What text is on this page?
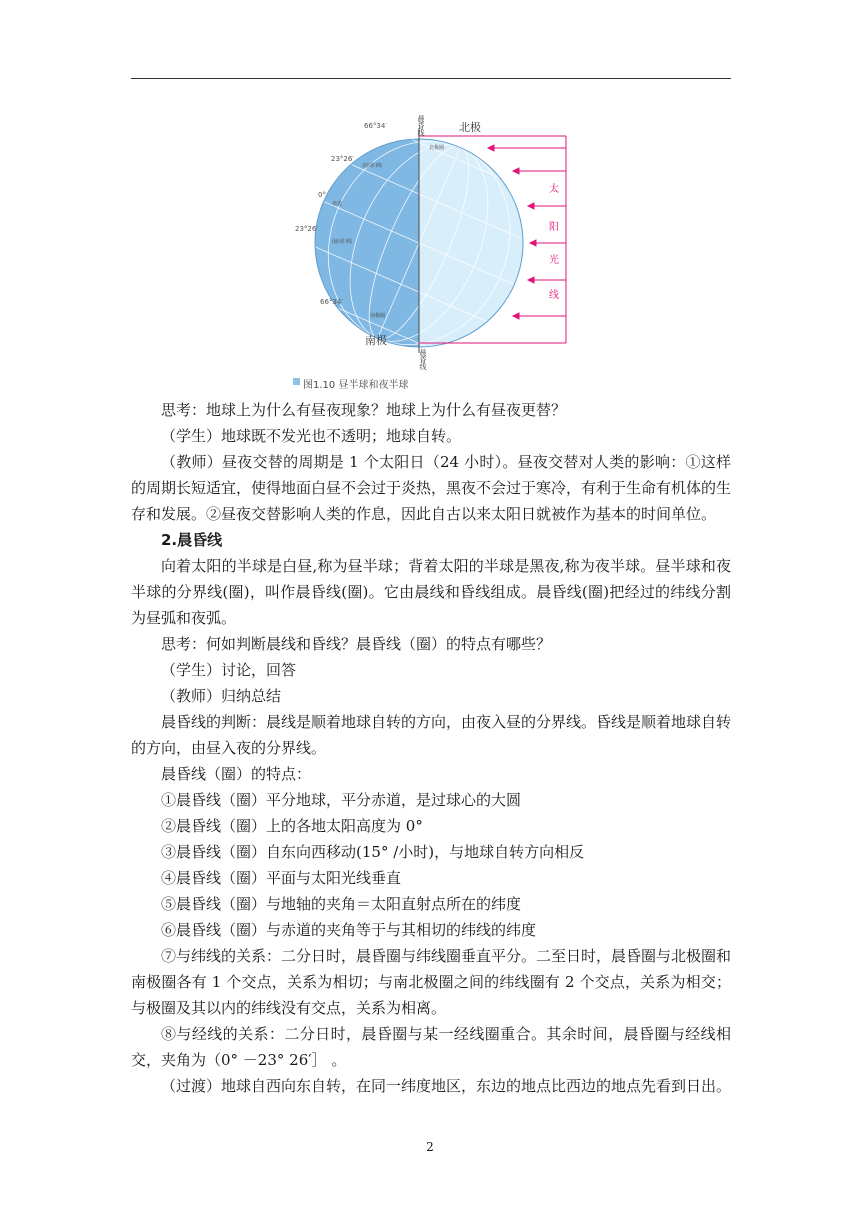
太
阳
光
线
北极
南极
晨昏线
晨昏线
66°34′
23°26′
0°
23°26′
66°34′
北极圈
北回归线
赤道
南回归线
南极圈
图1.10 昼半球和夜半球

思考：地球上为什么有昼夜现象？地球上为什么有昼夜更替？

（学生）地球既不发光也不透明；地球自转。

（教师）昼夜交替的周期是 1 个太阳日（24 小时）。昼夜交替对人类的影响：①这样的周期长短适宜，使得地面白昼不会过于炎热，黑夜不会过于寒冷，有利于生命有机体的生存和发展。②昼夜交替影响人类的作息，因此自古以来太阳日就被作为基本的时间单位。

2.晨昏线

向着太阳的半球是白昼,称为昼半球；背着太阳的半球是黑夜,称为夜半球。昼半球和夜半球的分界线(圈)，叫作晨昏线(圈)。它由晨线和昏线组成。晨昏线(圈)把经过的纬线分割为昼弧和夜弧。

思考：何如判断晨线和昏线？晨昏线（圈）的特点有哪些？

（学生）讨论，回答

（教师）归纳总结

晨昏线的判断：晨线是顺着地球自转的方向，由夜入昼的分界线。昏线是顺着地球自转的方向，由昼入夜的分界线。

晨昏线（圈）的特点：

①晨昏线（圈）平分地球，平分赤道，是过球心的大圆

②晨昏线（圈）上的各地太阳高度为 0°

③晨昏线（圈）自东向西移动(15° /小时)，与地球自转方向相反

④晨昏线（圈）平面与太阳光线垂直

⑤晨昏线（圈）与地轴的夹角＝太阳直射点所在的纬度

⑥晨昏线（圈）与赤道的夹角等于与其相切的纬线的纬度

⑦与纬线的关系：二分日时，晨昏圈与纬线圈垂直平分。二至日时，晨昏圈与北极圈和南极圈各有 1 个交点，关系为相切；与南北极圈之间的纬线圈有 2 个交点，关系为相交；与极圈及其以内的纬线没有交点，关系为相离。

⑧与经线的关系：二分日时，晨昏圈与某一经线圈重合。其余时间，晨昏圈与经线相交，夹角为（0° －23° 26′］ 。

（过渡）地球自西向东自转，在同一纬度地区，东边的地点比西边的地点先看到日出。

2
